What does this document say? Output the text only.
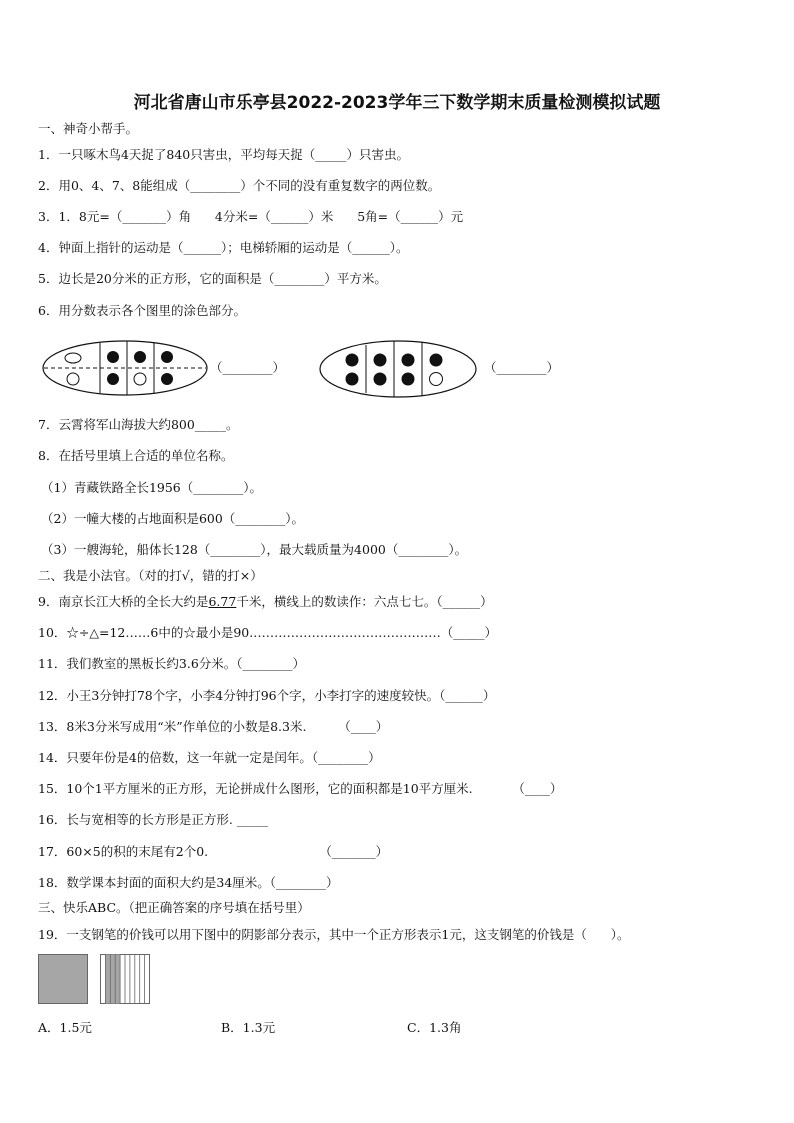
河北省唐山市乐亭县2022-2023学年三下数学期末质量检测模拟试题
一、神奇小帮手。
1．一只啄木鸟4天捉了840只害虫，平均每天捉（_____）只害虫。
2．用0、4、7、8能组成（________）个不同的没有重复数字的两位数。
3．1．8元=（_______）角      4分米=（______）米      5角=（______）元
4．钟面上指针的运动是（______）；电梯轿厢的运动是（______）。
5．边长是20分米的正方形，它的面积是（________）平方米。
6．用分数表示各个图里的涂色部分。
（________）	（________）
7．云霄将军山海拔大约800_____。
8．在括号里填上合适的单位名称。
（1）青藏铁路全长1956（________）。
（2）一幢大楼的占地面积是600（________）。
（3）一艘海轮，船体长128（________），最大载质量为4000（________）。
二、我是小法官。（对的打√，错的打×）
9．南京长江大桥的全长大约是6.77千米，横线上的数读作：六点七七。（______）
10．☆÷△=12……6中的☆最小是90.………………………………………（_____）
11．我们教室的黑板长约3.6分米。（________）
12．小王3分钟打78个字，小李4分钟打96个字，小李打字的速度较快。（______）
13．8米3分米写成用“米”作单位的小数是8.3米.        （____）
14．只要年份是4的倍数，这一年就一定是闰年。（________）
15．10个1平方厘米的正方形，无论拼成什么图形，它的面积都是10平方厘米.          （____）
16．长与宽相等的长方形是正方形. _____
17．60×5的积的末尾有2个0.                            （_______）
18．数学课本封面的面积大约是34厘米。（________）
三、快乐ABC。（把正确答案的序号填在括号里）
19．一支钢笔的价钱可以用下图中的阴影部分表示，其中一个正方形表示1元，这支钢笔的价钱是（      ）。
A．1.5元	B．1.3元	C．1.3角
